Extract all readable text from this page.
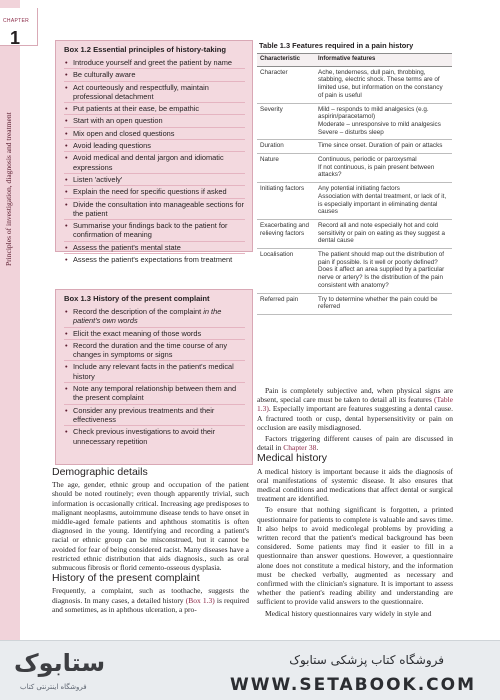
CHAPTER
1
Principles of investigation, diagnosis and treatment
Box 1.2 Essential principles of history-taking
• Introduce yourself and greet the patient by name
• Be culturally aware
• Act courteously and respectfully, maintain professional detachment
• Put patients at their ease, be empathic
• Start with an open question
• Mix open and closed questions
• Avoid leading questions
• Avoid medical and dental jargon and idiomatic expressions
• Listen 'actively'
• Explain the need for specific questions if asked
• Divide the consultation into manageable sections for the patient
• Summarise your findings back to the patient for confirmation of meaning
• Assess the patient's mental state
• Assess the patient's expectations from treatment
Box 1.3 History of the present complaint
• Record the description of the complaint in the patient's own words
• Elicit the exact meaning of those words
• Record the duration and the time course of any changes in symptoms or signs
• Include any relevant facts in the patient's medical history
• Note any temporal relationship between them and the present complaint
• Consider any previous treatments and their effectiveness
• Check previous investigations to avoid their unnecessary repetition
Table 1.3 Features required in a pain history
Characteristic	Informative features
Character	Ache, tenderness, dull pain, throbbing, stabbing, electric shock. These terms are of limited use, but information on the constancy of pain is useful
Severity	Mild – responds to mild analgesics (e.g. aspirin/paracetamol)
Moderate – unresponsive to mild analgesics
Severe – disturbs sleep
Duration	Time since onset. Duration of pain or attacks
Nature	Continuous, periodic or paroxysmal
If not continuous, is pain present between attacks?
Initiating factors	Any potential initiating factors
Association with dental treatment, or lack of it, is especially important in eliminating dental causes
Exacerbating and relieving factors	Record all and note especially hot and cold sensitivity or pain on eating as they suggest a dental cause
Localisation	The patient should map out the distribution of pain if possible. Is it well or poorly defined? Does it affect an area supplied by a particular nerve or artery? Is the distribution of the pain consistent with anatomy?
Referred pain	Try to determine whether the pain could be referred
Demographic details

The age, gender, ethnic group and occupation of the patient should be noted routinely; even though apparently trivial, such information is occasionally critical. Increasing age predisposes to malignant neoplasms, autoimmune disease tends to have onset in middle-aged female patients and aphthous stomatitis is often diagnosed in the young. Identifying and recording a patient's racial or ethnic group can be misconstrued, but it cannot be avoided for fear of being considered racist. Many diseases have a restricted ethnic distribution that aids diagnosis., such as oral submucous fibrosis or florid cemento-osseous dysplasia.

History of the present complaint

Frequently, a complaint, such as toothache, suggests the diagnosis. In many cases, a detailed history (Box 1.3) is required and sometimes, as in aphthous ulceration, a pro-

Pain is completely subjective and, when physical signs are absent, special care must be taken to detail all its features (Table 1.3). Especially important are features suggesting a dental cause. A fractured tooth or cusp, dental hypersensitivity or pain on occlusion are easily misdiagnosed.

Factors triggering different causes of pain are discussed in detail in Chapter 38.

Medical history

A medical history is important because it aids the diagnosis of oral manifestations of systemic disease. It also ensures that medical conditions and medications that affect dental or surgical treatment are identified.

To ensure that nothing significant is forgotten, a printed questionnaire for patients to complete is valuable and saves time. It also helps to avoid medicolegal problems by providing a written record that the patient's medical background has been considered. Some patients may find it easier to fill in a questionnaire than answer questions. However, a questionnaire alone does not constitute a medical history, and the information must be checked verbally, augmented as necessary and confirmed with the clinician's signature. It is important to assess whether the patient's reading ability and understanding are sufficient to provide valid answers to the questionnaire.

Medical history questionnaires vary widely in style and

ستابوک
فروشگاه اینترنتی کتاب
فروشگاه کتاب پزشکی ستابوک
WWW.SETABOOK.COM
